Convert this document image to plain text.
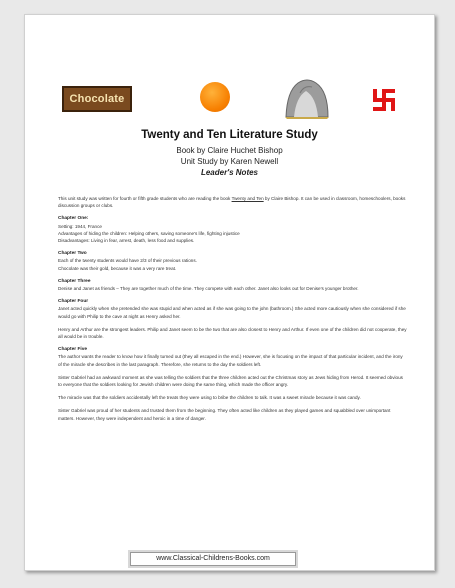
Chocolate
Twenty and Ten Literature Study
Book by Claire Huchet Bishop
Unit Study by Karen Newell
Leader's Notes

This unit study was written for fourth or fifth grade students who are reading the book Twenty and Ten by Claire Bishop. It can be used in classroom, homeschoolers, books discussion groups or clubs.

Chapter One:
Setting: 1944, France
Advantages of hiding the children: Helping others, saving someone's life, fighting injustice
Disadvantages: Living in fear, arrest, death, less food and supplies.
Chapter Two
Each of the twenty students would have 2/3 of their previous rations.
Chocolate was their gold, because it was a very rare treat.
Chapter Three
Denise and Janet as friends – They are together much of the time. They compete with each other. Janet also looks out for Denise's younger brother.
Chapter Four

Janet acted quickly when she pretended she was stupid and when acted as if she was going to the john (bathroom.) She acted more cautiously when she considered if she would go with Philip to the cave at night as Henry asked her.

Henry and Arthur are the strongest leaders. Philip and Janet seem to be the two that are also closest to Henry and Arthur. If even one of the children did not cooperate, they all would be in trouble.

Chapter Five

The author wants the reader to know how it finally turned out (they all escaped in the end.) However, she is focusing on the impact of that particular incident, and the irony of the miracle she describes in the last paragraph. Therefore, she returns to the day the soldiers left.

Sister Gabriel had an awkward moment as she was telling the soldiers that the three children acted out the Christmas story as Jews hiding from Herod. It seemed obvious to everyone that the soldiers looking for Jewish children were doing the same thing, which made the officer angry.

The miracle was that the soldiers accidentally left the treats they were using to bribe the children to talk. It was a sweet miracle because it was candy.

Sister Gabriel was proud of her students and trusted them from the beginning. They often acted like children as they played games and squabbled over unimportant matters. However, they were independent and heroic in a time of danger.

www.Classical-Childrens-Books.com
